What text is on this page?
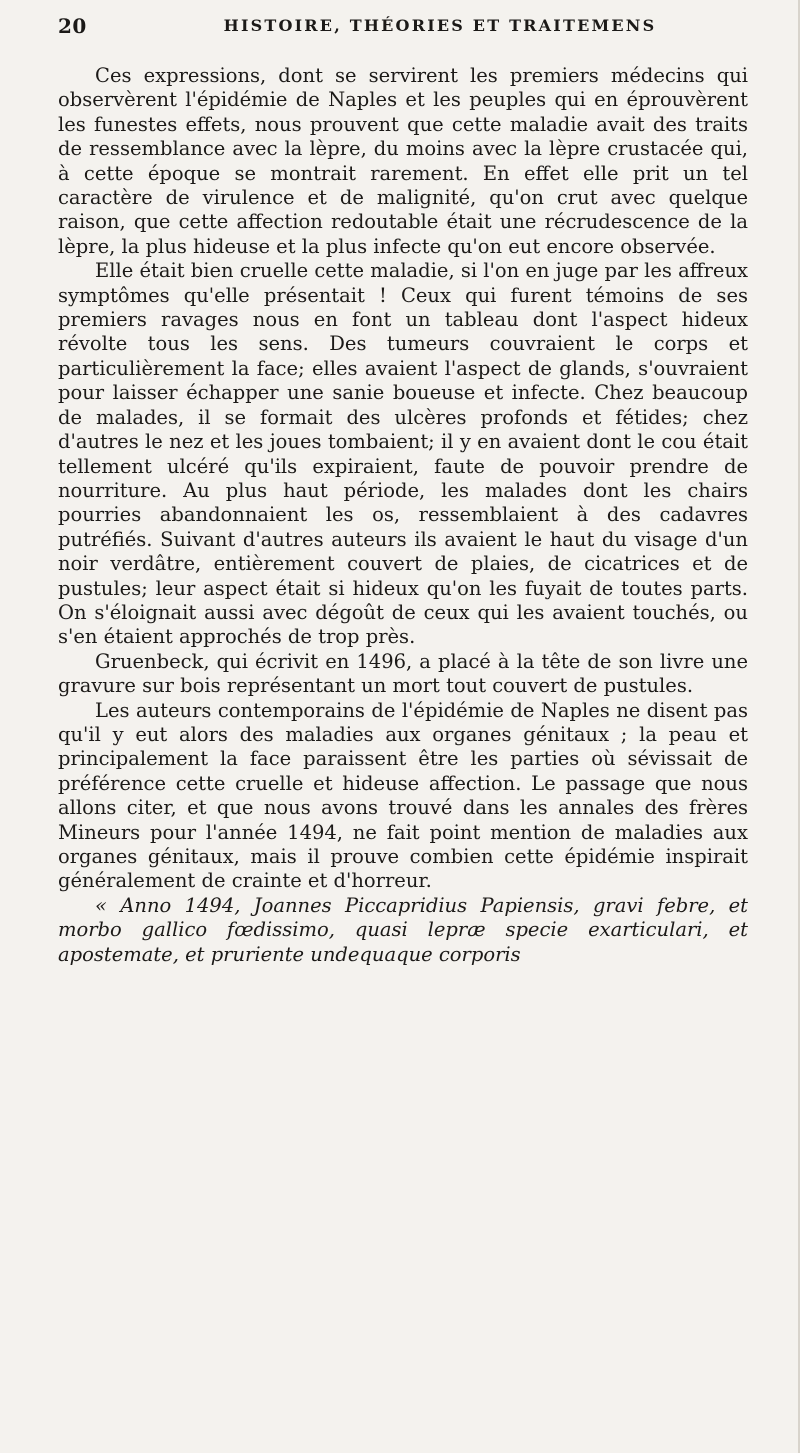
20	HISTOIRE, THÉORIES ET TRAITEMENS

Ces expressions, dont se servirent les premiers médecins qui observèrent l'épidémie de Naples et les peuples qui en éprouvèrent les funestes effets, nous prouvent que cette maladie avait des traits de ressemblance avec la lèpre, du moins avec la lèpre crustacée qui, à cette époque se montrait rarement. En effet elle prit un tel caractère de virulence et de malignité, qu'on crut avec quelque raison, que cette affection redoutable était une récrudescence de la lèpre, la plus hideuse et la plus infecte qu'on eut encore observée.

Elle était bien cruelle cette maladie, si l'on en juge par les affreux symptômes qu'elle présentait ! Ceux qui furent témoins de ses premiers ravages nous en font un tableau dont l'aspect hideux révolte tous les sens. Des tumeurs couvraient le corps et particulièrement la face; elles avaient l'aspect de glands, s'ouvraient pour laisser échapper une sanie boueuse et infecte. Chez beaucoup de malades, il se formait des ulcères profonds et fétides; chez d'autres le nez et les joues tombaient; il y en avaient dont le cou était tellement ulcéré qu'ils expiraient, faute de pouvoir prendre de nourriture. Au plus haut période, les malades dont les chairs pourries abandonnaient les os, ressemblaient à des cadavres putréfiés. Suivant d'autres auteurs ils avaient le haut du visage d'un noir verdâtre, entièrement couvert de plaies, de cicatrices et de pustules; leur aspect était si hideux qu'on les fuyait de toutes parts. On s'éloignait aussi avec dégoût de ceux qui les avaient touchés, ou s'en étaient approchés de trop près.

Gruenbeck, qui écrivit en 1496, a placé à la tête de son livre une gravure sur bois représentant un mort tout couvert de pustules.

Les auteurs contemporains de l'épidémie de Naples ne disent pas qu'il y eut alors des maladies aux organes génitaux ; la peau et principalement la face paraissent être les parties où sévissait de préférence cette cruelle et hideuse affection. Le passage que nous allons citer, et que nous avons trouvé dans les annales des frères Mineurs pour l'année 1494, ne fait point mention de maladies aux organes génitaux, mais il prouve combien cette épidémie inspirait généralement de crainte et d'horreur.

« Anno 1494, Joannes Piccapridius Papiensis, gravi febre, et morbo gallico fœdissimo, quasi lepræ specie exarticulari, et apostemate, et pruriente undequaque corporis
